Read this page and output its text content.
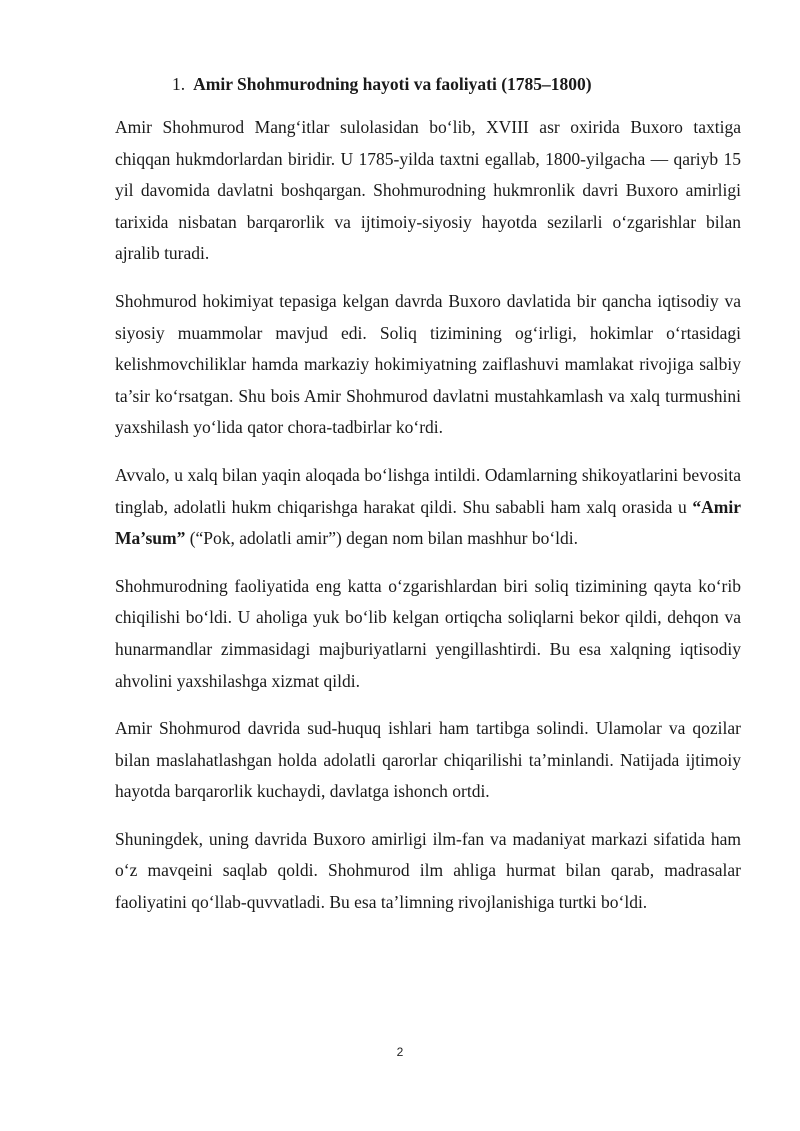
1. Amir Shohmurodning hayoti va faoliyati (1785–1800)

Amir Shohmurod Mang‘itlar sulolasidan bo‘lib, XVIII asr oxirida Buxoro taxtiga chiqqan hukmdorlardan biridir. U 1785-yilda taxtni egallab, 1800-yilgacha — qariyb 15 yil davomida davlatni boshqargan. Shohmurodning hukmronlik davri Buxoro amirligi tarixida nisbatan barqarorlik va ijtimoiy-siyosiy hayotda sezilarli o‘zgarishlar bilan ajralib turadi.

Shohmurod hokimiyat tepasiga kelgan davrda Buxoro davlatida bir qancha iqtisodiy va siyosiy muammolar mavjud edi. Soliq tizimining og‘irligi, hokimlar o‘rtasidagi kelishmovchiliklar hamda markaziy hokimiyatning zaiflashuvi mamlakat rivojiga salbiy ta’sir ko‘rsatgan. Shu bois Amir Shohmurod davlatni mustahkamlash va xalq turmushini yaxshilash yo‘lida qator chora-tadbirlar ko‘rdi.

Avvalo, u xalq bilan yaqin aloqada bo‘lishga intildi. Odamlarning shikoyatlarini bevosita tinglab, adolatli hukm chiqarishga harakat qildi. Shu sababli ham xalq orasida u “Amir Ma’sum” (“Pok, adolatli amir”) degan nom bilan mashhur bo‘ldi.

Shohmurodning faoliyatida eng katta o‘zgarishlardan biri soliq tizimining qayta ko‘rib chiqilishi bo‘ldi. U aholiga yuk bo‘lib kelgan ortiqcha soliqlarni bekor qildi, dehqon va hunarmandlar zimmasidagi majburiyatlarni yengillashtirdi. Bu esa xalqning iqtisodiy ahvolini yaxshilashga xizmat qildi.

Amir Shohmurod davrida sud-huquq ishlari ham tartibga solindi. Ulamolar va qozilar bilan maslahatlashgan holda adolatli qarorlar chiqarilishi ta’minlandi. Natijada ijtimoiy hayotda barqarorlik kuchaydi, davlatga ishonch ortdi.

Shuningdek, uning davrida Buxoro amirligi ilm-fan va madaniyat markazi sifatida ham o‘z mavqeini saqlab qoldi. Shohmurod ilm ahliga hurmat bilan qarab, madrasalar faoliyatini qo‘llab-quvvatladi. Bu esa ta’limning rivojlanishiga turtki bo‘ldi.

2
